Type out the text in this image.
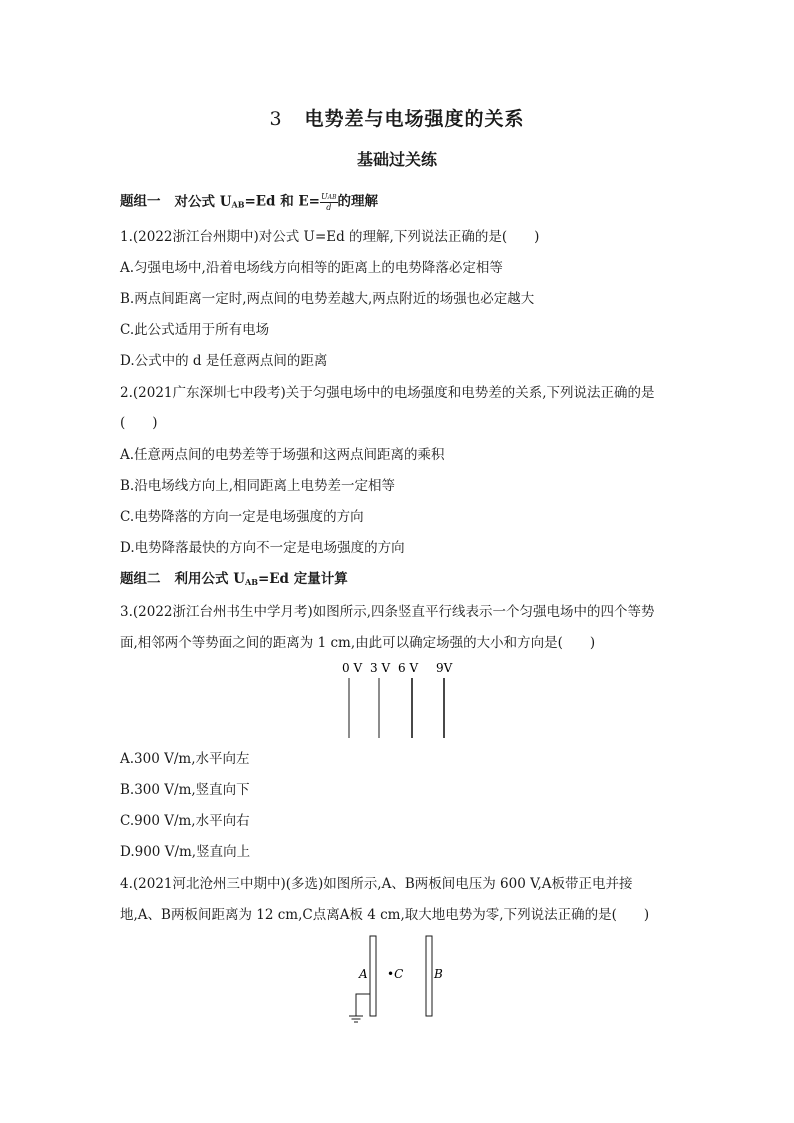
3 电势差与电场强度的关系
基础过关练
题组一 对公式 $U_{AB}=Ed$ 和 $E= \frac{\text{UAB}}{d}$ 的理解
1.(2022浙江台州期中)对公式 U=Ed 的理解,下列说法正确的是(　　)
A.匀强电场中,沿着电场线方向相等的距离上的电势降落必定相等
B.两点间距离一定时,两点间的电势差越大,两点附近的场强也必定越大
C.此公式适用于所有电场
D.公式中的 d 是任意两点间的距离
2.(2021广东深圳七中段考)关于匀强电场中的电场强度和电势差的关系,下列说法正确的是
(　　)
A.任意两点间的电势差等于场强和这两点间距离的乘积
B.沿电场线方向上,相同距离上电势差一定相等
C.电势降落的方向一定是电场强度的方向
D.电势降落最快的方向不一定是电场强度的方向
题组二 利用公式 $U_{AB}=Ed$ 定量计算
3.(2022浙江台州书生中学月考)如图所示,四条竖直平行线表示一个匀强电场中的四个等势
面,相邻两个等势面之间的距离为 1 cm,由此可以确定场强的大小和方向是(　　)
0 V 3 V 6 V 9V
A.300 V/m,水平向左
B.300 V/m,竖直向下
C.900 V/m,水平向右
D.900 V/m,竖直向上
4.(2021河北沧州三中期中)(多选)如图所示,A、B两板间电压为 600 V,A板带正电并接
地,A、B两板间距离为 12 cm,C点离A板 4 cm,取大地电势为零,下列说法正确的是(　　)
A •C	B
